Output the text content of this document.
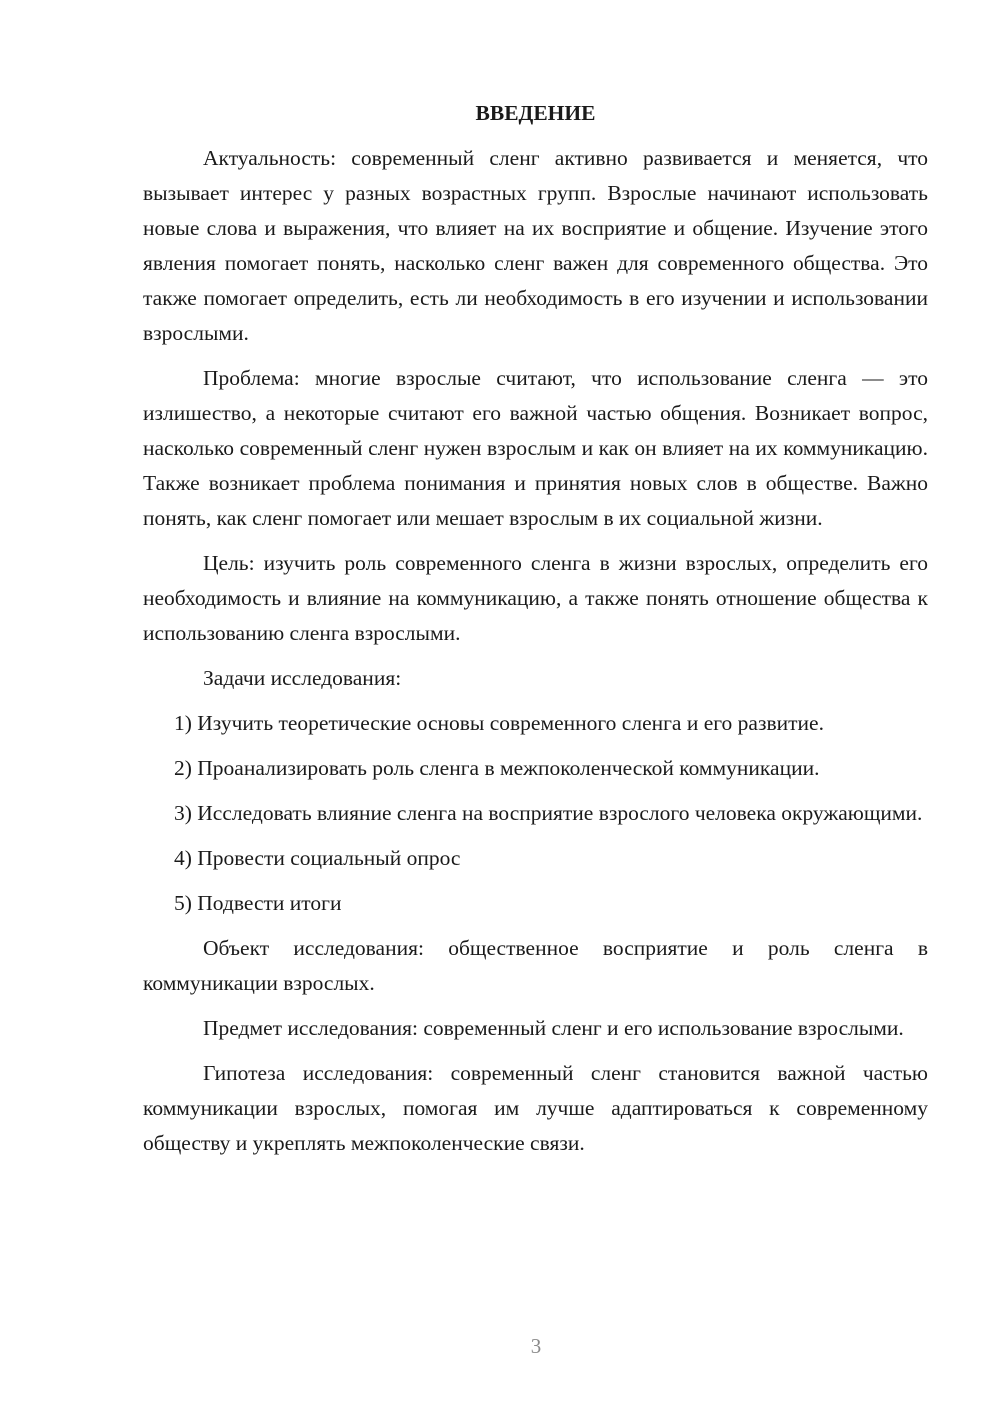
ВВЕДЕНИЕ

Актуальность: современный сленг активно развивается и меняется, что вызывает интерес у разных возрастных групп. Взрослые начинают использовать новые слова и выражения, что влияет на их восприятие и общение. Изучение этого явления помогает понять, насколько сленг важен для современного общества. Это также помогает определить, есть ли необходимость в его изучении и использовании взрослыми.

Проблема: многие взрослые считают, что использование сленга — это излишество, а некоторые считают его важной частью общения. Возникает вопрос, насколько современный сленг нужен взрослым и как он влияет на их коммуникацию. Также возникает проблема понимания и принятия новых слов в обществе. Важно понять, как сленг помогает или мешает взрослым в их социальной жизни.

Цель: изучить роль современного сленга в жизни взрослых, определить его необходимость и влияние на коммуникацию, а также понять отношение общества к использованию сленга взрослыми.

Задачи исследования:

1) Изучить теоретические основы современного сленга и его развитие.

2) Проанализировать роль сленга в межпоколенческой коммуникации.

3) Исследовать влияние сленга на восприятие взрослого человека окружающими.

4) Провести социальный опрос

5) Подвести итоги

Объект исследования: общественное восприятие и роль сленга в коммуникации взрослых.

Предмет исследования: современный сленг и его использование взрослыми.

Гипотеза исследования: современный сленг становится важной частью коммуникации взрослых, помогая им лучше адаптироваться к современному обществу и укреплять межпоколенческие связи.

3
